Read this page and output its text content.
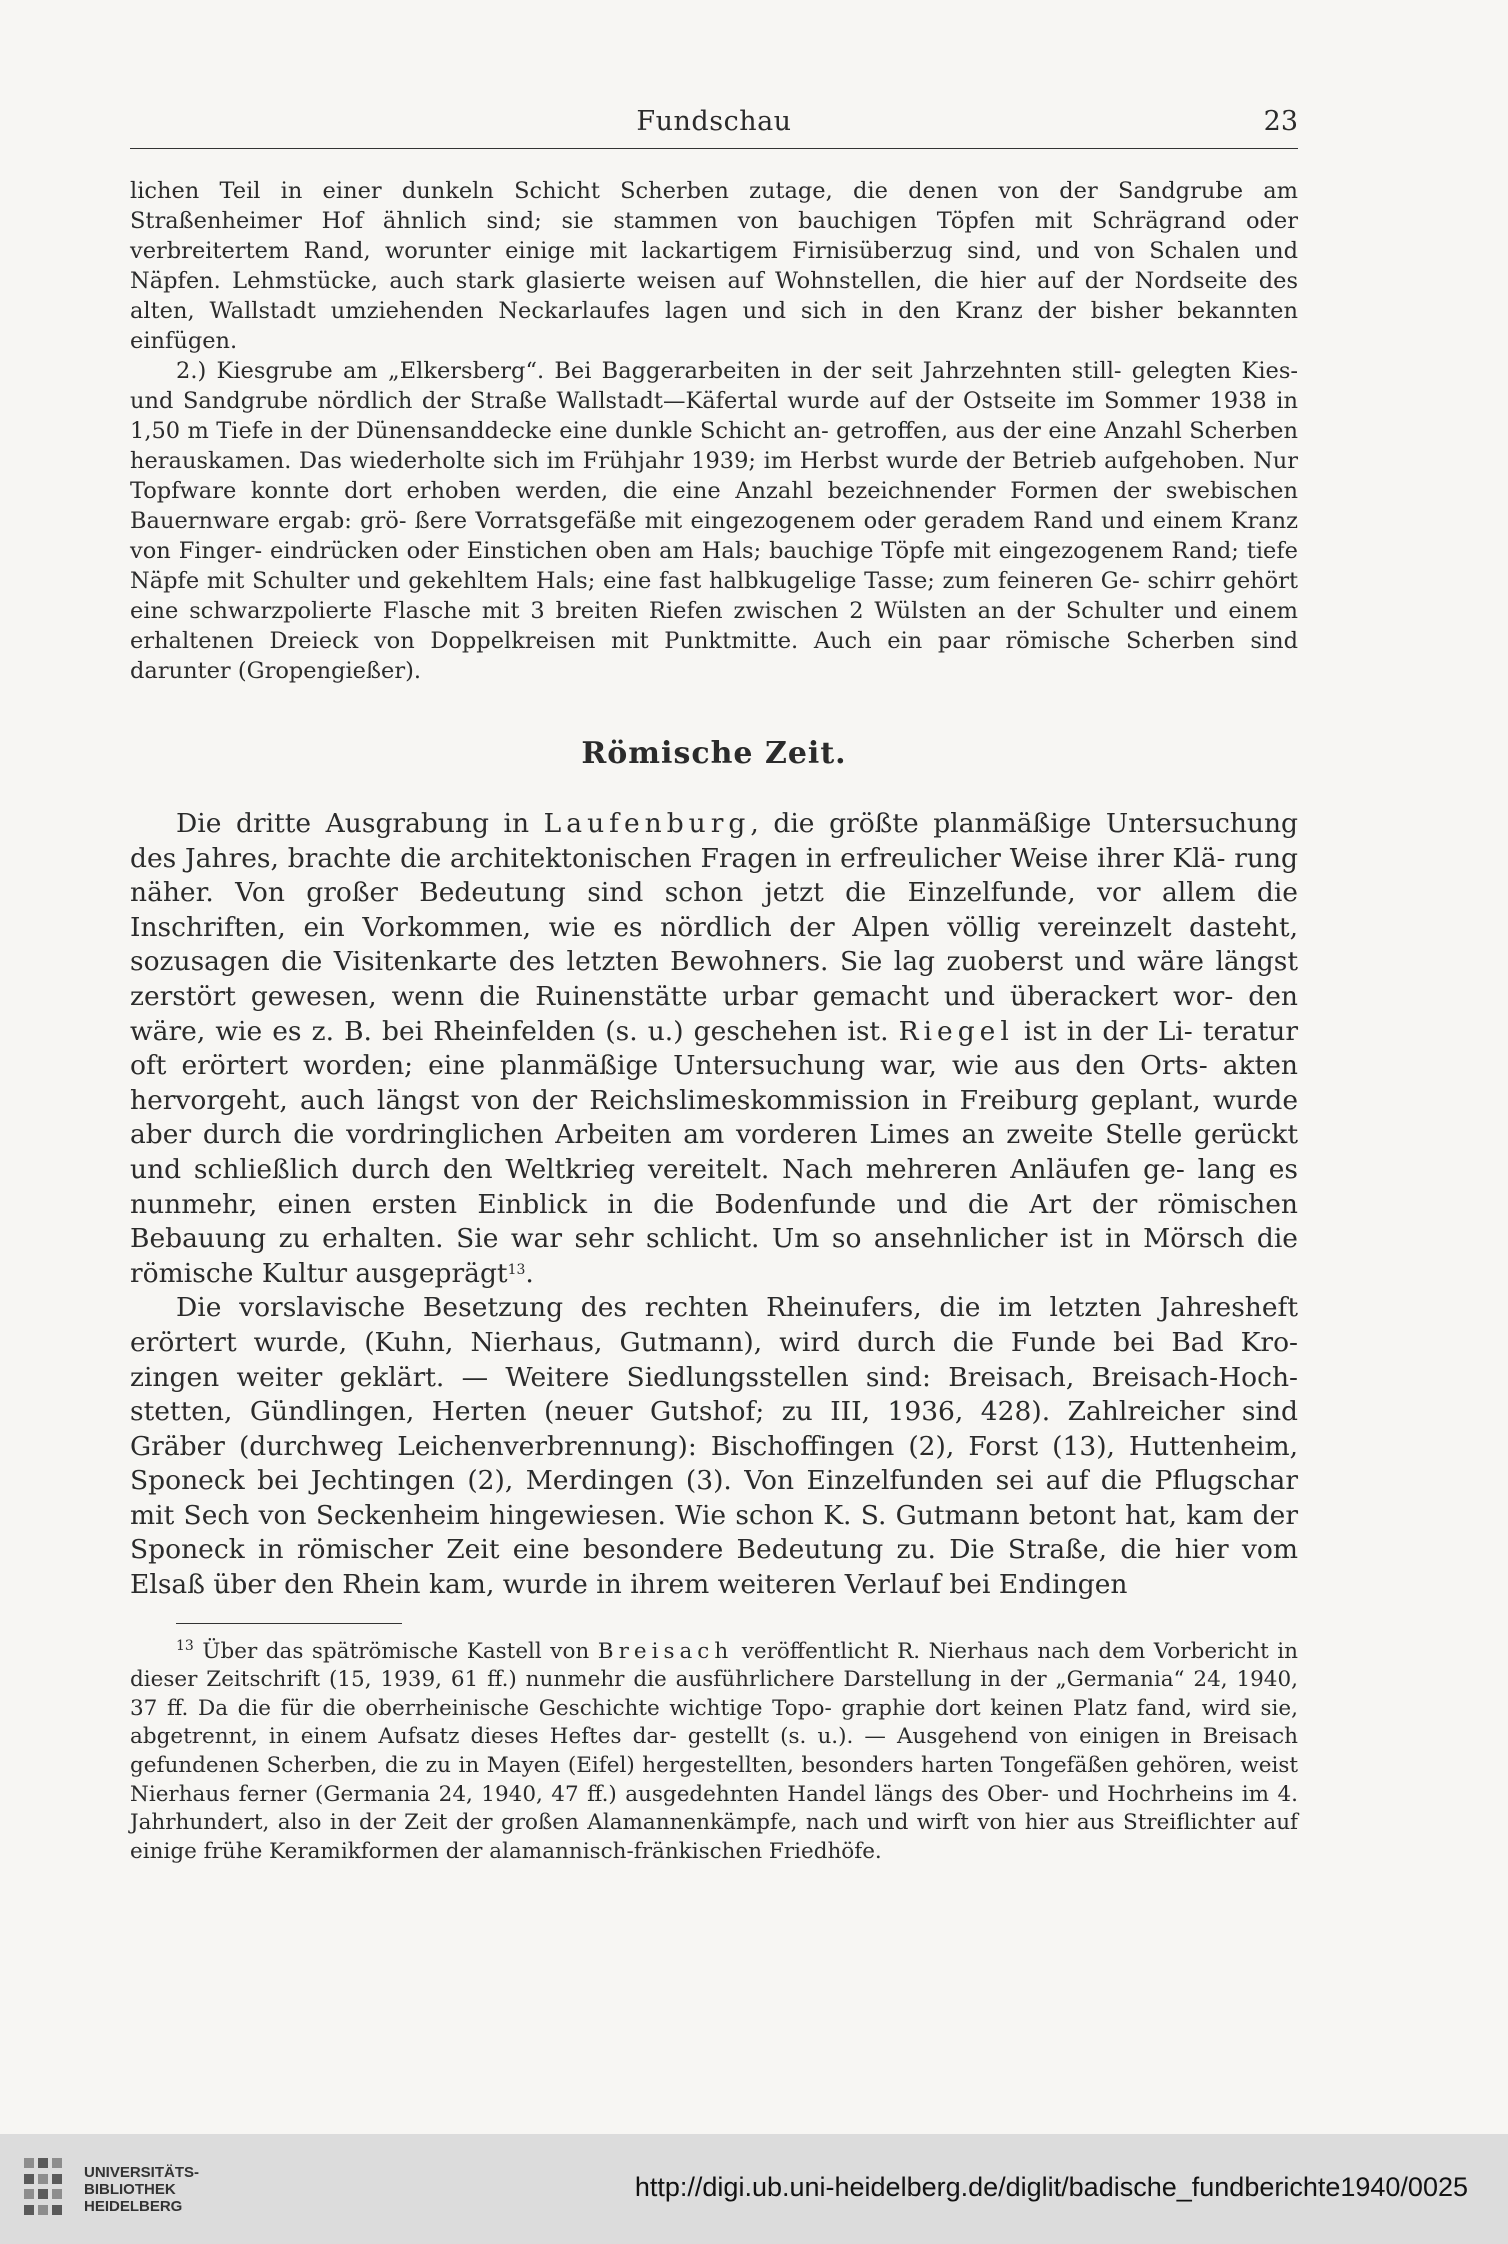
Fundschau	23

lichen Teil in einer dunkeln Schicht Scherben zutage, die denen von der Sandgrube am Straßenheimer Hof ähnlich sind; sie stammen von bauchigen Töpfen mit Schrägrand oder verbreitertem Rand, worunter einige mit lackartigem Firnisüberzug sind, und von Schalen und Näpfen. Lehmstücke, auch stark glasierte weisen auf Wohnstellen, die hier auf der Nordseite des alten, Wallstadt umziehenden Neckarlaufes lagen und sich in den Kranz der bisher bekannten einfügen.

2.) Kiesgrube am „Elkersberg“. Bei Baggerarbeiten in der seit Jahrzehnten still- gelegten Kies- und Sandgrube nördlich der Straße Wallstadt—Käfertal wurde auf der Ostseite im Sommer 1938 in 1,50 m Tiefe in der Dünensanddecke eine dunkle Schicht an- getroffen, aus der eine Anzahl Scherben herauskamen. Das wiederholte sich im Frühjahr 1939; im Herbst wurde der Betrieb aufgehoben. Nur Topfware konnte dort erhoben werden, die eine Anzahl bezeichnender Formen der swebischen Bauernware ergab: grö- ßere Vorratsgefäße mit eingezogenem oder geradem Rand und einem Kranz von Finger- eindrücken oder Einstichen oben am Hals; bauchige Töpfe mit eingezogenem Rand; tiefe Näpfe mit Schulter und gekehltem Hals; eine fast halbkugelige Tasse; zum feineren Ge- schirr gehört eine schwarzpolierte Flasche mit 3 breiten Riefen zwischen 2 Wülsten an der Schulter und einem erhaltenen Dreieck von Doppelkreisen mit Punktmitte. Auch ein paar römische Scherben sind darunter (Gropengießer).

Römische Zeit.

Die dritte Ausgrabung in Laufenburg, die größte planmäßige Untersuchung des Jahres, brachte die architektonischen Fragen in erfreulicher Weise ihrer Klä- rung näher. Von großer Bedeutung sind schon jetzt die Einzelfunde, vor allem die Inschriften, ein Vorkommen, wie es nördlich der Alpen völlig vereinzelt dasteht, sozusagen die Visitenkarte des letzten Bewohners. Sie lag zuoberst und wäre längst zerstört gewesen, wenn die Ruinenstätte urbar gemacht und überackert wor- den wäre, wie es z. B. bei Rheinfelden (s. u.) geschehen ist. Riegel ist in der Li- teratur oft erörtert worden; eine planmäßige Untersuchung war, wie aus den Orts- akten hervorgeht, auch längst von der Reichslimeskommission in Freiburg geplant, wurde aber durch die vordringlichen Arbeiten am vorderen Limes an zweite Stelle gerückt und schließlich durch den Weltkrieg vereitelt. Nach mehreren Anläufen ge- lang es nunmehr, einen ersten Einblick in die Bodenfunde und die Art der römischen Bebauung zu erhalten. Sie war sehr schlicht. Um so ansehnlicher ist in Mörsch die römische Kultur ausgeprägt$^{13}$.

Die vorslavische Besetzung des rechten Rheinufers, die im letzten Jahresheft erörtert wurde, (Kuhn, Nierhaus, Gutmann), wird durch die Funde bei Bad Kro- zingen weiter geklärt. — Weitere Siedlungsstellen sind: Breisach, Breisach-Hoch- stetten, Gündlingen, Herten (neuer Gutshof; zu III, 1936, 428). Zahlreicher sind Gräber (durchweg Leichenverbrennung): Bischoffingen (2), Forst (13), Huttenheim, Sponeck bei Jechtingen (2), Merdingen (3). Von Einzelfunden sei auf die Pflugschar mit Sech von Seckenheim hingewiesen. Wie schon K. S. Gutmann betont hat, kam der Sponeck in römischer Zeit eine besondere Bedeutung zu. Die Straße, die hier vom Elsaß über den Rhein kam, wurde in ihrem weiteren Verlauf bei Endingen

$^{13}$ Über das spätrömische Kastell von Breisach veröffentlicht R. Nierhaus nach dem Vorbericht in dieser Zeitschrift (15, 1939, 61 ff.) nunmehr die ausführlichere Darstellung in der „Germania“ 24, 1940, 37 ff. Da die für die oberrheinische Geschichte wichtige Topo- graphie dort keinen Platz fand, wird sie, abgetrennt, in einem Aufsatz dieses Heftes dar- gestellt (s. u.). — Ausgehend von einigen in Breisach gefundenen Scherben, die zu in Mayen (Eifel) hergestellten, besonders harten Tongefäßen gehören, weist Nierhaus ferner (Germania 24, 1940, 47 ff.) ausgedehnten Handel längs des Ober- und Hochrheins im 4. Jahrhundert, also in der Zeit der großen Alamannenkämpfe, nach und wirft von hier aus Streiflichter auf einige frühe Keramikformen der alamannisch-fränkischen Friedhöfe.

UNIVERSITÄTS-
BIBLIOTHEK
HEIDELBERG
http://digi.ub.uni-heidelberg.de/diglit/badische_fundberichte1940/0025
